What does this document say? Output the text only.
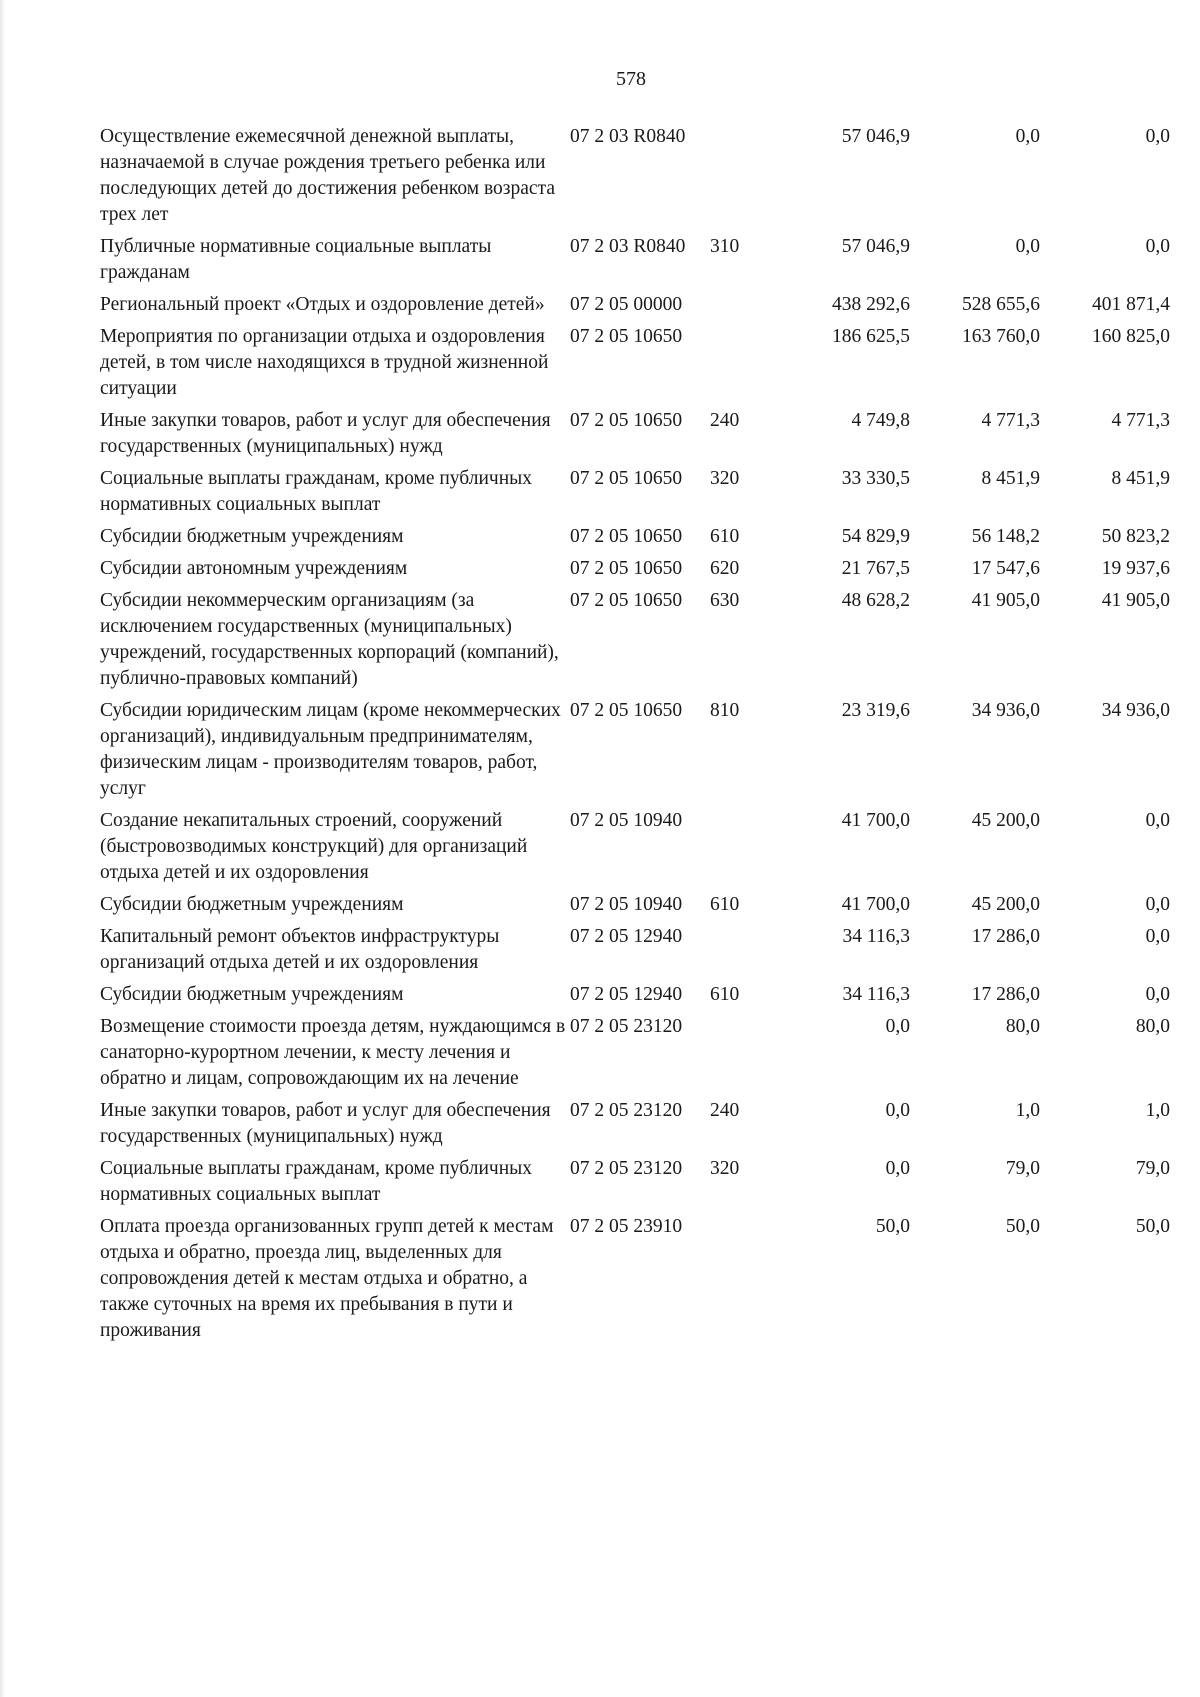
578
Осуществление ежемесячной денежной выплаты, назначаемой в случае рождения третьего ребенка или последующих детей до достижения ребенком возраста трех лет	07 2 03 R0840		57 046,9	0,0	0,0
Публичные нормативные социальные выплаты гражданам	07 2 03 R0840	310	57 046,9	0,0	0,0
Региональный проект «Отдых и оздоровление детей»	07 2 05 00000		438 292,6	528 655,6	401 871,4
Мероприятия по организации отдыха и оздоровления детей, в том числе находящихся в трудной жизненной ситуации	07 2 05 10650		186 625,5	163 760,0	160 825,0
Иные закупки товаров, работ и услуг для обеспечения государственных (муниципальных) нужд	07 2 05 10650	240	4 749,8	4 771,3	4 771,3
Социальные выплаты гражданам, кроме публичных нормативных социальных выплат	07 2 05 10650	320	33 330,5	8 451,9	8 451,9
Субсидии бюджетным учреждениям	07 2 05 10650	610	54 829,9	56 148,2	50 823,2
Субсидии автономным учреждениям	07 2 05 10650	620	21 767,5	17 547,6	19 937,6
Субсидии некоммерческим организациям (за исключением государственных (муниципальных) учреждений, государственных корпораций (компаний), публично-правовых компаний)	07 2 05 10650	630	48 628,2	41 905,0	41 905,0
Субсидии юридическим лицам (кроме некоммерческих организаций), индивидуальным предпринимателям, физическим лицам - производителям товаров, работ, услуг	07 2 05 10650	810	23 319,6	34 936,0	34 936,0
Создание некапитальных строений, сооружений (быстровозводимых конструкций) для организаций отдыха детей и их оздоровления	07 2 05 10940		41 700,0	45 200,0	0,0
Субсидии бюджетным учреждениям	07 2 05 10940	610	41 700,0	45 200,0	0,0
Капитальный ремонт объектов инфраструктуры организаций отдыха детей и их оздоровления	07 2 05 12940		34 116,3	17 286,0	0,0
Субсидии бюджетным учреждениям	07 2 05 12940	610	34 116,3	17 286,0	0,0
Возмещение стоимости проезда детям, нуждающимся в санаторно-курортном лечении, к месту лечения и обратно и лицам, сопровождающим их на лечение	07 2 05 23120		0,0	80,0	80,0
Иные закупки товаров, работ и услуг для обеспечения государственных (муниципальных) нужд	07 2 05 23120	240	0,0	1,0	1,0
Социальные выплаты гражданам, кроме публичных нормативных социальных выплат	07 2 05 23120	320	0,0	79,0	79,0
Оплата проезда организованных групп детей к местам отдыха и обратно, проезда лиц, выделенных для сопровождения детей к местам отдыха и обратно, а также суточных на время их пребывания в пути и проживания	07 2 05 23910		50,0	50,0	50,0
